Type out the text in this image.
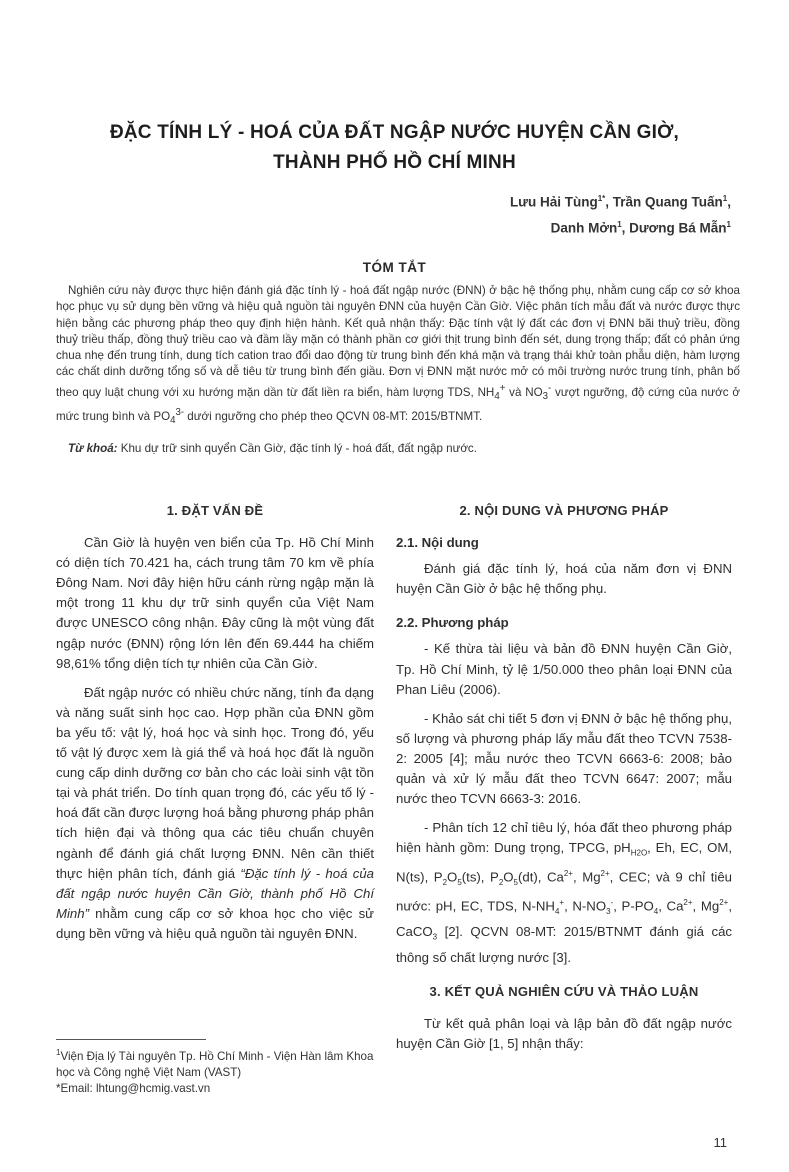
ĐẶC TÍNH LÝ - HOÁ CỦA ĐẤT NGẬP NƯỚC HUYỆN CẦN GIỜ,
THÀNH PHỐ HỒ CHÍ MINH
Lưu Hải Tùng$^{1*}$, Trần Quang Tuấn$^1$,
Danh Mởn$^1$, Dương Bá Mẫn$^1$
TÓM TẮT

Nghiên cứu này được thực hiện đánh giá đặc tính lý - hoá đất ngập nước (ĐNN) ở bậc hệ thống phụ, nhằm cung cấp cơ sở khoa học phục vụ sử dụng bền vững và hiệu quả nguồn tài nguyên ĐNN của huyện Cần Giờ. Việc phân tích mẫu đất và nước được thực hiện bằng các phương pháp theo quy định hiện hành. Kết quả nhận thấy: Đặc tính vật lý đất các đơn vị ĐNN bãi thuỷ triều, đồng thuỷ triều thấp, đồng thuỷ triều cao và đầm lầy mặn có thành phần cơ giới thịt trung bình đến sét, dung trọng thấp; đất có phản ứng chua nhẹ đến trung tính, dung tích cation trao đổi dao động từ trung bình đến khá mặn và trạng thái khử toàn phẫu diện, hàm lượng các chất dinh dưỡng tổng số và dễ tiêu từ trung bình đến giầu. Đơn vị ĐNN mặt nước mở có môi trường nước trung tính, phân bố theo quy luật chung với xu hướng mặn dần từ đất liền ra biển, hàm lượng TDS, $NH_4^+$ và $NO_3^-$ vượt ngưỡng, độ cứng của nước ở mức trung bình và $PO_4^{3-}$ dưới ngưỡng cho phép theo QCVN 08-MT: 2015/BTNMT.

Từ khoá: Khu dự trữ sinh quyển Cần Giờ, đặc tính lý - hoá đất, đất ngập nước.

1. ĐẶT VẤN ĐỀ

Cần Giờ là huyện ven biển của Tp. Hồ Chí Minh có diện tích 70.421 ha, cách trung tâm 70 km về phía Đông Nam. Nơi đây hiện hữu cánh rừng ngập mặn là một trong 11 khu dự trữ sinh quyển của Việt Nam được UNESCO công nhận. Đây cũng là một vùng đất ngập nước (ĐNN) rộng lớn lên đến 69.444 ha chiếm 98,61% tổng diện tích tự nhiên của Cần Giờ.

Đất ngập nước có nhiều chức năng, tính đa dạng và năng suất sinh học cao. Hợp phần của ĐNN gồm ba yếu tố: vật lý, hoá học và sinh học. Trong đó, yếu tố vật lý được xem là giá thể và hoá học đất là nguồn cung cấp dinh dưỡng cơ bản cho các loài sinh vật tồn tại và phát triển. Do tính quan trọng đó, các yếu tố lý - hoá đất cần được lượng hoá bằng phương pháp phân tích hiện đại và thông qua các tiêu chuẩn chuyên ngành để đánh giá chất lượng ĐNN. Nên cần thiết thực hiện phân tích, đánh giá “Đặc tính lý - hoá của đất ngập nước huyện Cần Giờ, thành phố Hồ Chí Minh” nhằm cung cấp cơ sở khoa học cho việc sử dụng bền vững và hiệu quả nguồn tài nguyên ĐNN.

2. NỘI DUNG VÀ PHƯƠNG PHÁP
2.1. Nội dung

Đánh giá đặc tính lý, hoá của năm đơn vị ĐNN huyện Cần Giờ ở bậc hệ thống phụ.

2.2. Phương pháp

- Kế thừa tài liệu và bản đồ ĐNN huyện Cần Giờ, Tp. Hồ Chí Minh, tỷ lệ 1/50.000 theo phân loại ĐNN của Phan Liêu (2006).

- Khảo sát chi tiết 5 đơn vị ĐNN ở bậc hệ thống phụ, số lượng và phương pháp lấy mẫu đất theo TCVN 7538-2: 2005 [4]; mẫu nước theo TCVN 6663-6: 2008; bảo quản và xử lý mẫu đất theo TCVN 6647: 2007; mẫu nước theo TCVN 6663-3: 2016.

- Phân tích 12 chỉ tiêu lý, hóa đất theo phương pháp hiện hành gồm: Dung trọng, TPCG, $pH_{H2O}$, Eh, EC, OM, N(ts), $P_2O_5(ts)$, $P_2O_5(dt)$, $Ca^{2+}$, $Mg^{2+}$, CEC; và 9 chỉ tiêu nước: pH, EC, TDS, $N-NH_4^+$, $N-NO_3^-$, $P-PO_4$, $Ca^{2+}$, $Mg^{2+}$, CaCO$_3$ [2]. QCVN 08-MT: 2015/BTNMT đánh giá các thông số chất lượng nước [3].

3. KẾT QUẢ NGHIÊN CỨU VÀ THẢO LUẬN

Từ kết quả phân loại và lập bản đồ đất ngập nước huyện Cần Giờ [1, 5] nhận thấy:

$^1$Viện Địa lý Tài nguyên Tp. Hồ Chí Minh - Viện Hàn lâm Khoa học và Công nghệ Việt Nam (VAST)

*Email: lhtung@hcmig.vast.vn

11
